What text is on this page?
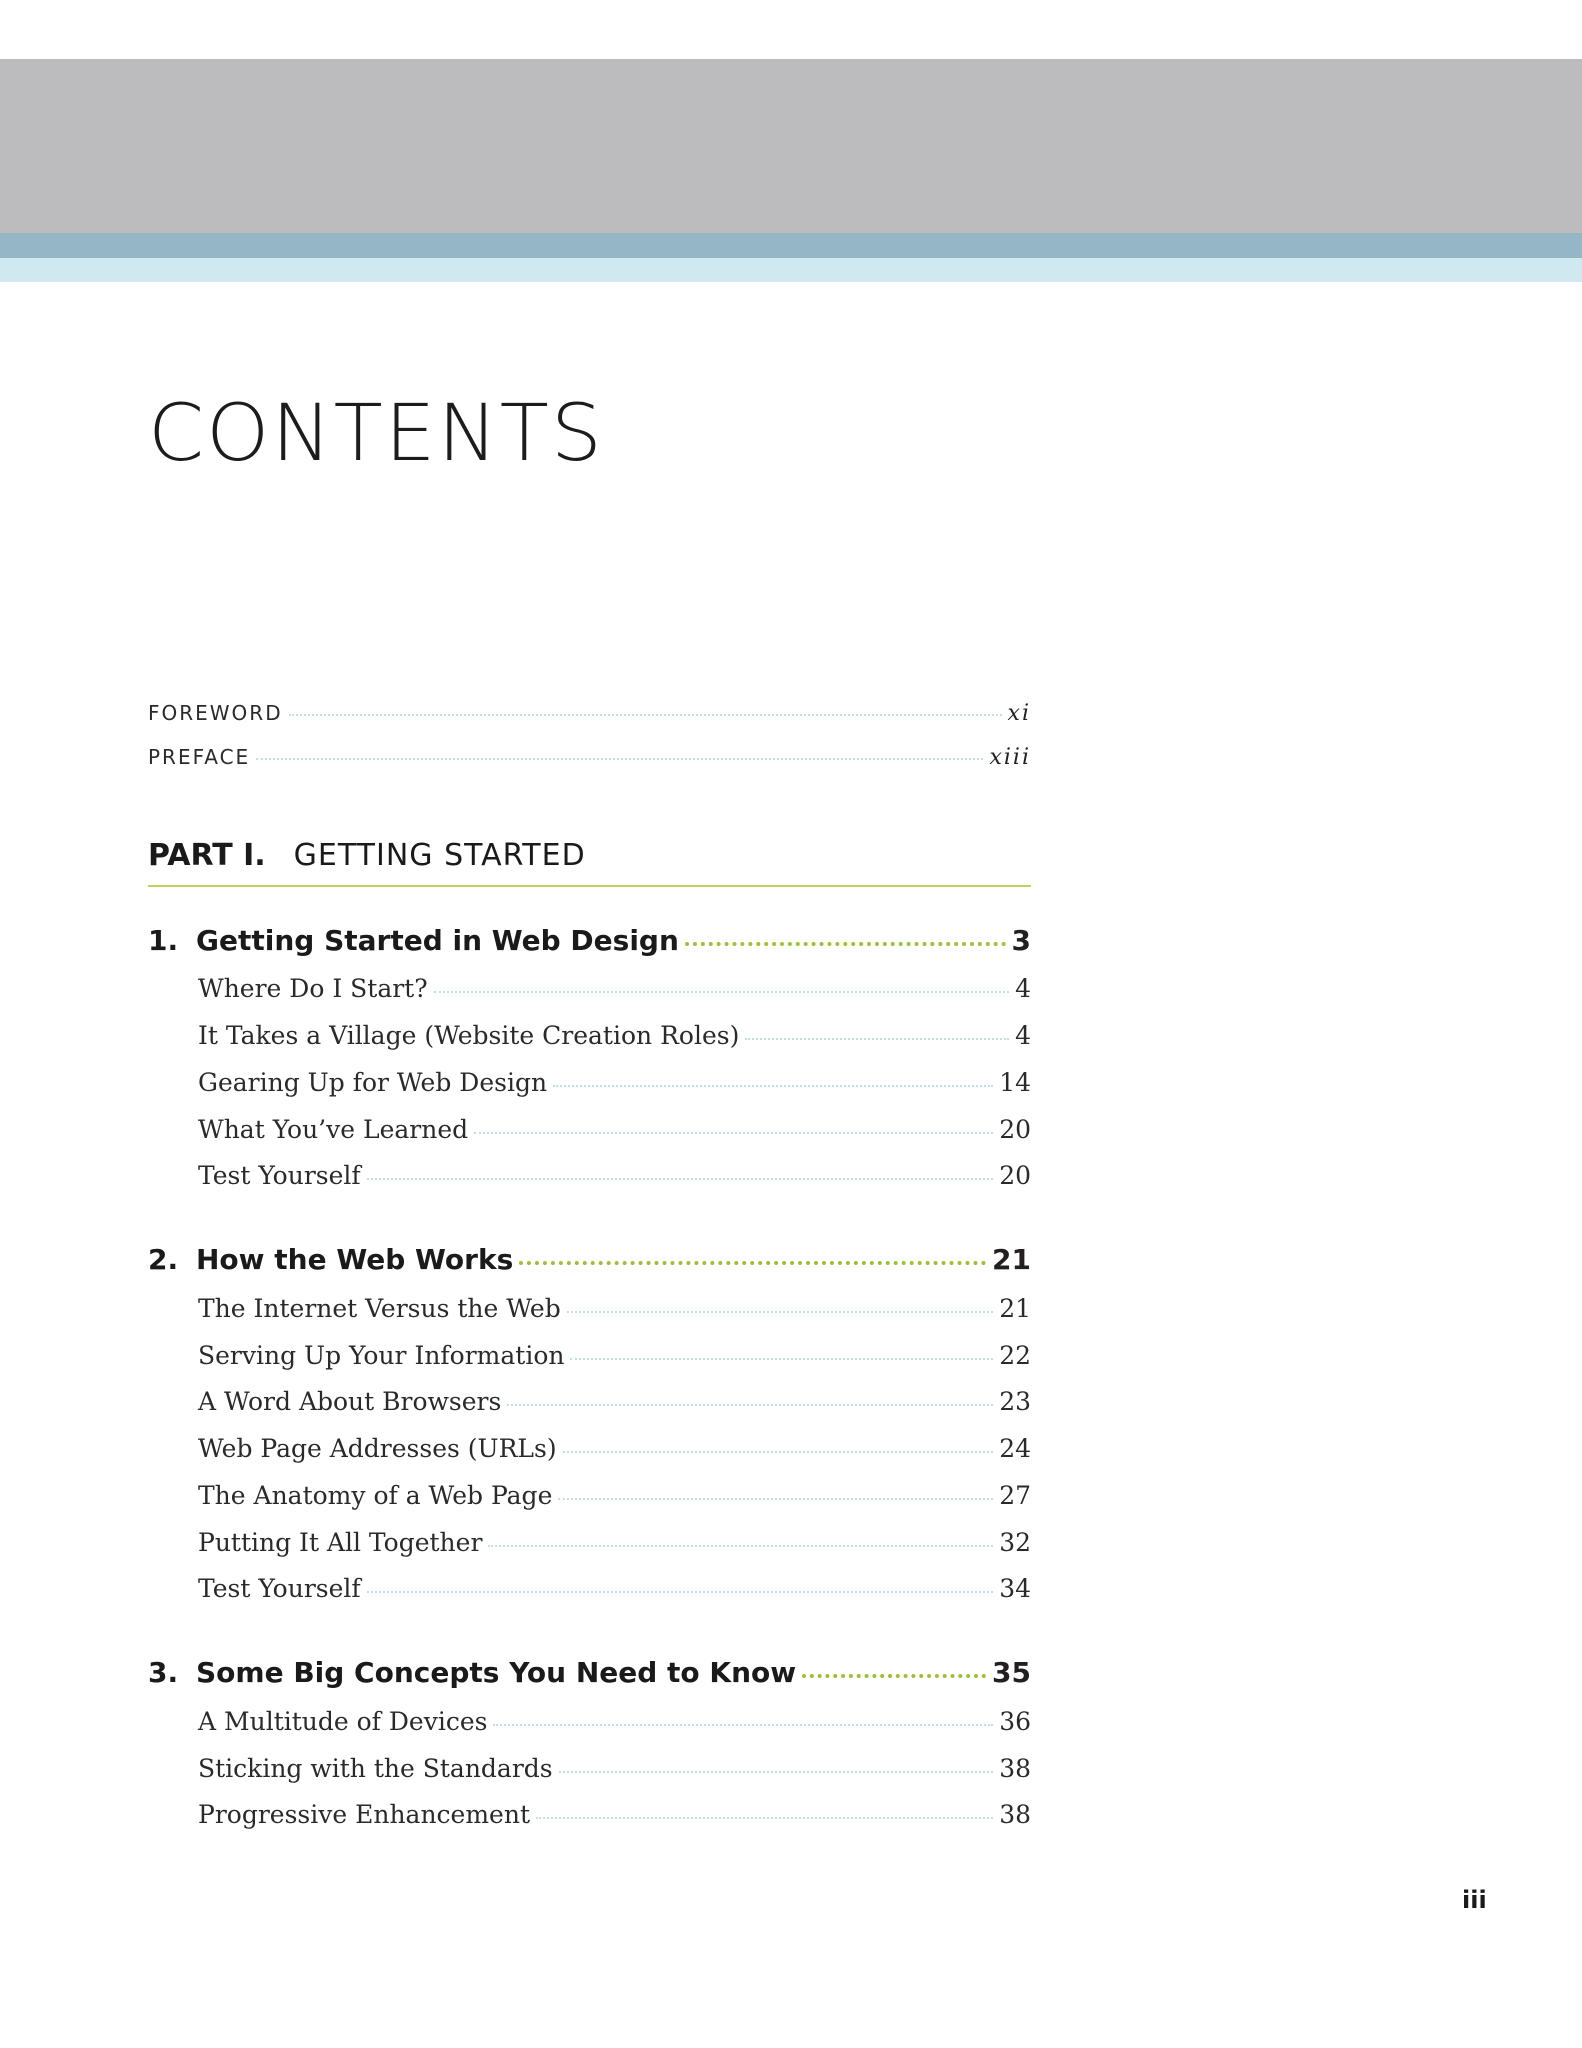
CONTENTS
FOREWORD	xi
PREFACE	xiii
PART I. GETTING STARTED
1. Getting Started in Web Design	3
Where Do I Start?	4
It Takes a Village (Website Creation Roles)	4
Gearing Up for Web Design	14
What You’ve Learned	20
Test Yourself	20
2. How the Web Works	21
The Internet Versus the Web	21
Serving Up Your Information	22
A Word About Browsers	23
Web Page Addresses (URLs)	24
The Anatomy of a Web Page	27
Putting It All Together	32
Test Yourself	34
3. Some Big Concepts You Need to Know	35
A Multitude of Devices	36
Sticking with the Standards	38
Progressive Enhancement	38
iii
